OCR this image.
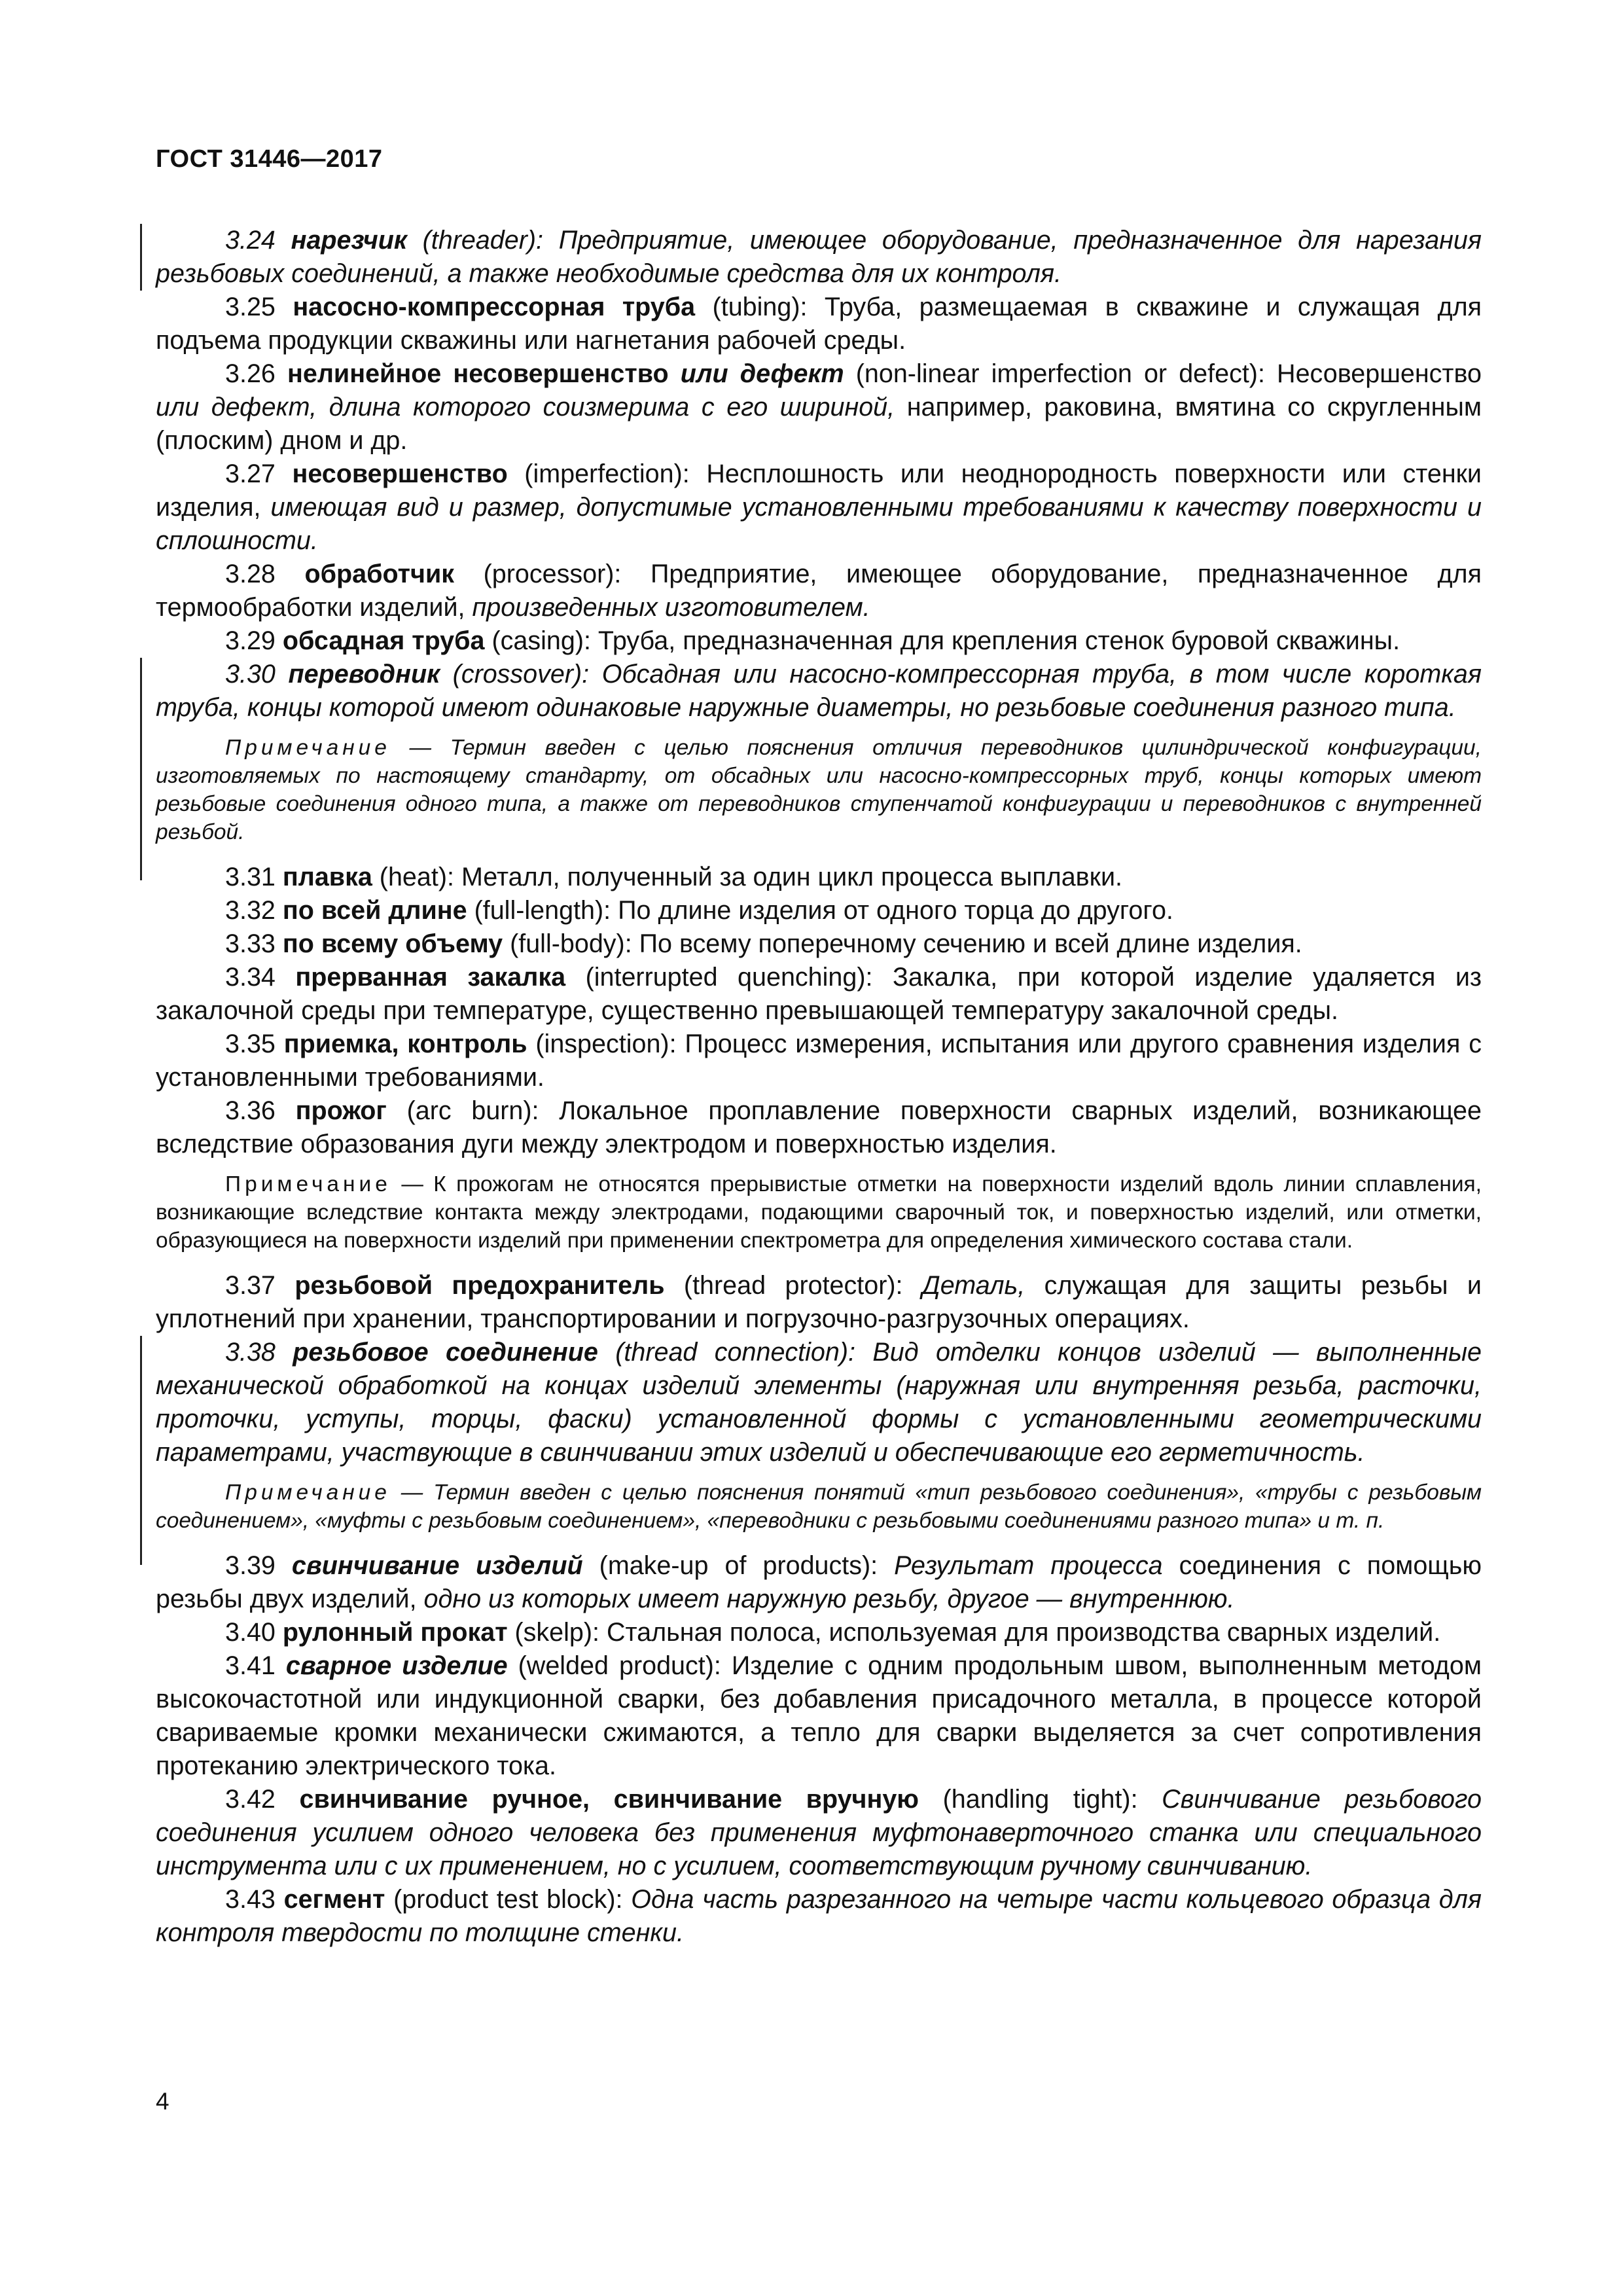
ГОСТ 31446—2017

3.24 нарезчик (threader): Предприятие, имеющее оборудование, предназначенное для нарезания резьбовых соединений, а также необходимые средства для их контроля.

3.25 насосно-компрессорная труба (tubing): Труба, размещаемая в скважине и служащая для подъема продукции скважины или нагнетания рабочей среды.

3.26 нелинейное несовершенство или дефект (non-linear imperfection or defect): Несовершенство или дефект, длина которого соизмерима с его шириной, например, раковина, вмятина со скругленным (плоским) дном и др.

3.27 несовершенство (imperfection): Несплошность или неоднородность поверхности или стенки изделия, имеющая вид и размер, допустимые установленными требованиями к качеству поверхности и сплошности.

3.28 обработчик (processor): Предприятие, имеющее оборудование, предназначенное для термообработки изделий, произведенных изготовителем.

3.29 обсадная труба (casing): Труба, предназначенная для крепления стенок буровой скважины.

3.30 переводник (crossover): Обсадная или насосно-компрессорная труба, в том числе короткая труба, концы которой имеют одинаковые наружные диаметры, но резьбовые соединения разного типа.

Примечание — Термин введен с целью пояснения отличия переводников цилиндрической конфигурации, изготовляемых по настоящему стандарту, от обсадных или насосно-компрессорных труб, концы которых имеют резьбовые соединения одного типа, а также от переводников ступенчатой конфигурации и переводников с внутренней резьбой.

3.31 плавка (heat): Металл, полученный за один цикл процесса выплавки.

3.32 по всей длине (full-length): По длине изделия от одного торца до другого.

3.33 по всему объему (full-body): По всему поперечному сечению и всей длине изделия.

3.34 прерванная закалка (interrupted quenching): Закалка, при которой изделие удаляется из закалочной среды при температуре, существенно превышающей температуру закалочной среды.

3.35 приемка, контроль (inspection): Процесс измерения, испытания или другого сравнения изделия с установленными требованиями.

3.36 прожог (arc burn): Локальное проплавление поверхности сварных изделий, возникающее вследствие образования дуги между электродом и поверхностью изделия.

Примечание — К прожогам не относятся прерывистые отметки на поверхности изделий вдоль линии сплавления, возникающие вследствие контакта между электродами, подающими сварочный ток, и поверхностью изделий, или отметки, образующиеся на поверхности изделий при применении спектрометра для определения химического состава стали.

3.37 резьбовой предохранитель (thread protector): Деталь, служащая для защиты резьбы и уплотнений при хранении, транспортировании и погрузочно-разгрузочных операциях.

3.38 резьбовое соединение (thread connection): Вид отделки концов изделий — выполненные механической обработкой на концах изделий элементы (наружная или внутренняя резьба, расточки, проточки, уступы, торцы, фаски) установленной формы с установленными геометрическими параметрами, участвующие в свинчивании этих изделий и обеспечивающие его герметичность.

Примечание — Термин введен с целью пояснения понятий «тип резьбового соединения», «трубы с резьбовым соединением», «муфты с резьбовым соединением», «переводники с резьбовыми соединениями разного типа» и т. п.

3.39 свинчивание изделий (make-up of products): Результат процесса соединения с помощью резьбы двух изделий, одно из которых имеет наружную резьбу, другое — внутреннюю.

3.40 рулонный прокат (skelp): Стальная полоса, используемая для производства сварных изделий.

3.41 сварное изделие (welded product): Изделие с одним продольным швом, выполненным методом высокочастотной или индукционной сварки, без добавления присадочного металла, в процессе которой свариваемые кромки механически сжимаются, а тепло для сварки выделяется за счет сопротивления протеканию электрического тока.

3.42 свинчивание ручное, свинчивание вручную (handling tight): Свинчивание резьбового соединения усилием одного человека без применения муфтонаверточного станка или специального инструмента или с их применением, но с усилием, соответствующим ручному свинчиванию.

3.43 сегмент (product test block): Одна часть разрезанного на четыре части кольцевого образца для контроля твердости по толщине стенки.

4
